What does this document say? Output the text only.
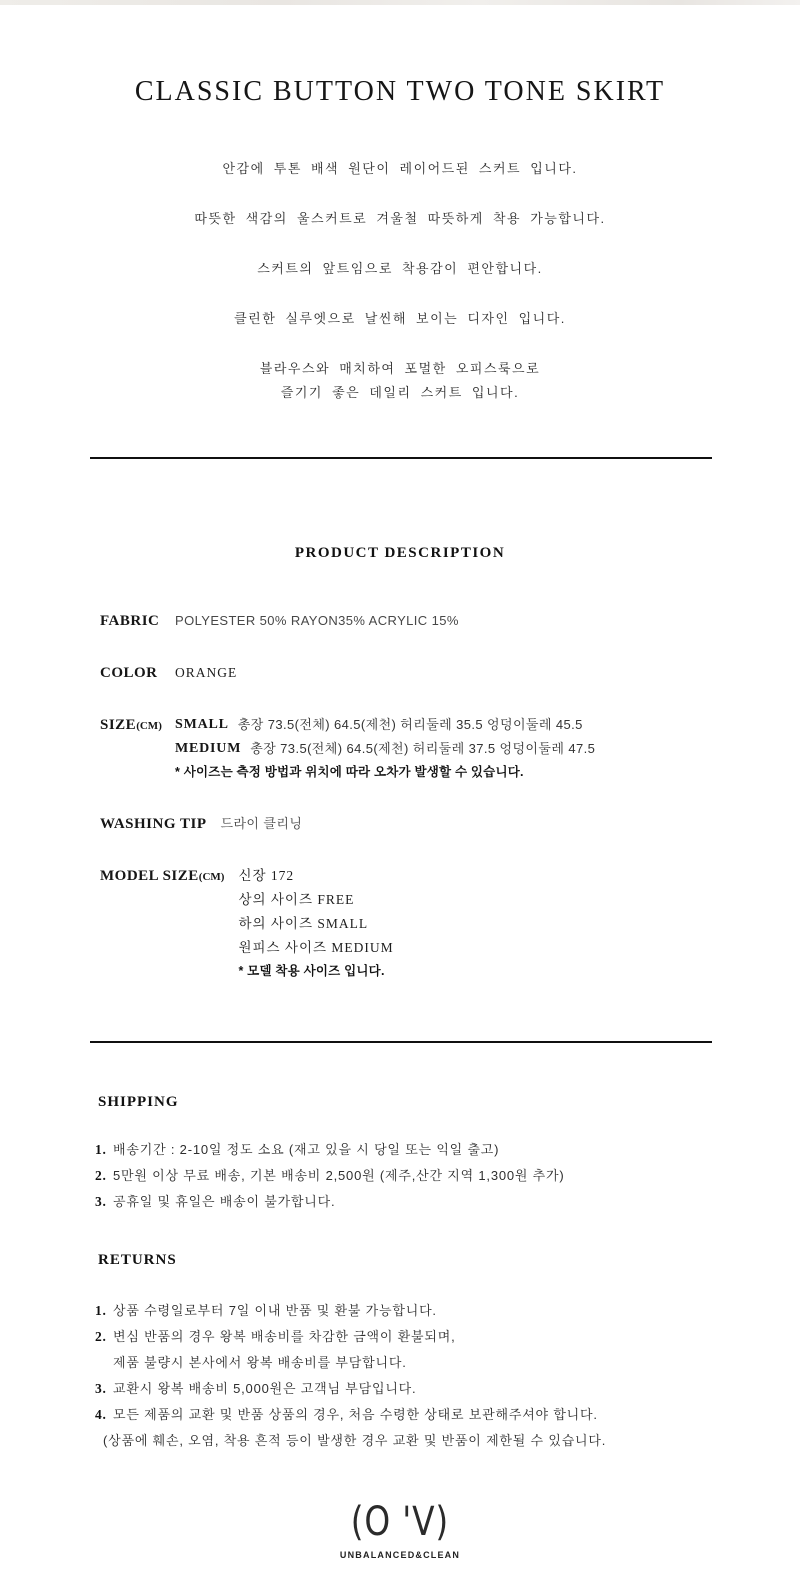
CLASSIC BUTTON TWO TONE SKIRT
안감에 투톤 배색 원단이 레이어드된 스커트 입니다.
따뜻한 색감의 울스커트로 겨울철 따뜻하게 착용 가능합니다.
스커트의 앞트임으로 착용감이 편안합니다.
클린한 실루엣으로 날씬해 보이는 디자인 입니다.
블라우스와 매치하여 포멀한 오피스룩으로
즐기기 좋은 데일리 스커트 입니다.
PRODUCT DESCRIPTION
FABRIC	POLYESTER 50% RAYON35% ACRYLIC 15%
COLOR	ORANGE
SIZE(CM) SMALL 총장 73.5(전체) 64.5(제천) 허리둘레 35.5 엉덩이둘레 45.5
MEDIUM 총장 73.5(전체) 64.5(제천) 허리둘레 37.5 엉덩이둘레 47.5
* 사이즈는 측정 방법과 위치에 따라 오차가 발생할 수 있습니다.
WASHING TIP 드라이 클리닝
MODEL SIZE(CM) 신장 172
상의 사이즈 FREE
하의 사이즈 SMALL
원피스 사이즈 MEDIUM
* 모델 착용 사이즈 입니다.
SHIPPING
1. 배송기간 : 2-10일 정도 소요 (재고 있을 시 당일 또는 익일 출고)
2. 5만원 이상 무료 배송, 기본 배송비 2,500원 (제주,산간 지역 1,300원 추가)
3. 공휴일 및 휴일은 배송이 불가합니다.
RETURNS
1. 상품 수령일로부터 7일 이내 반품 및 환불 가능합니다.
2. 변심 반품의 경우 왕복 배송비를 차감한 금액이 환불되며,
제품 불량시 본사에서 왕복 배송비를 부담합니다.
3. 교환시 왕복 배송비 5,000원은 고객님 부담입니다.
4. 모든 제품의 교환 및 반품 상품의 경우, 처음 수령한 상태로 보관해주셔야 합니다.
(상품에 훼손, 오염, 착용 흔적 등이 발생한 경우 교환 및 반품이 제한될 수 있습니다.
(O 'V)
UNBALANCED&CLEAN
